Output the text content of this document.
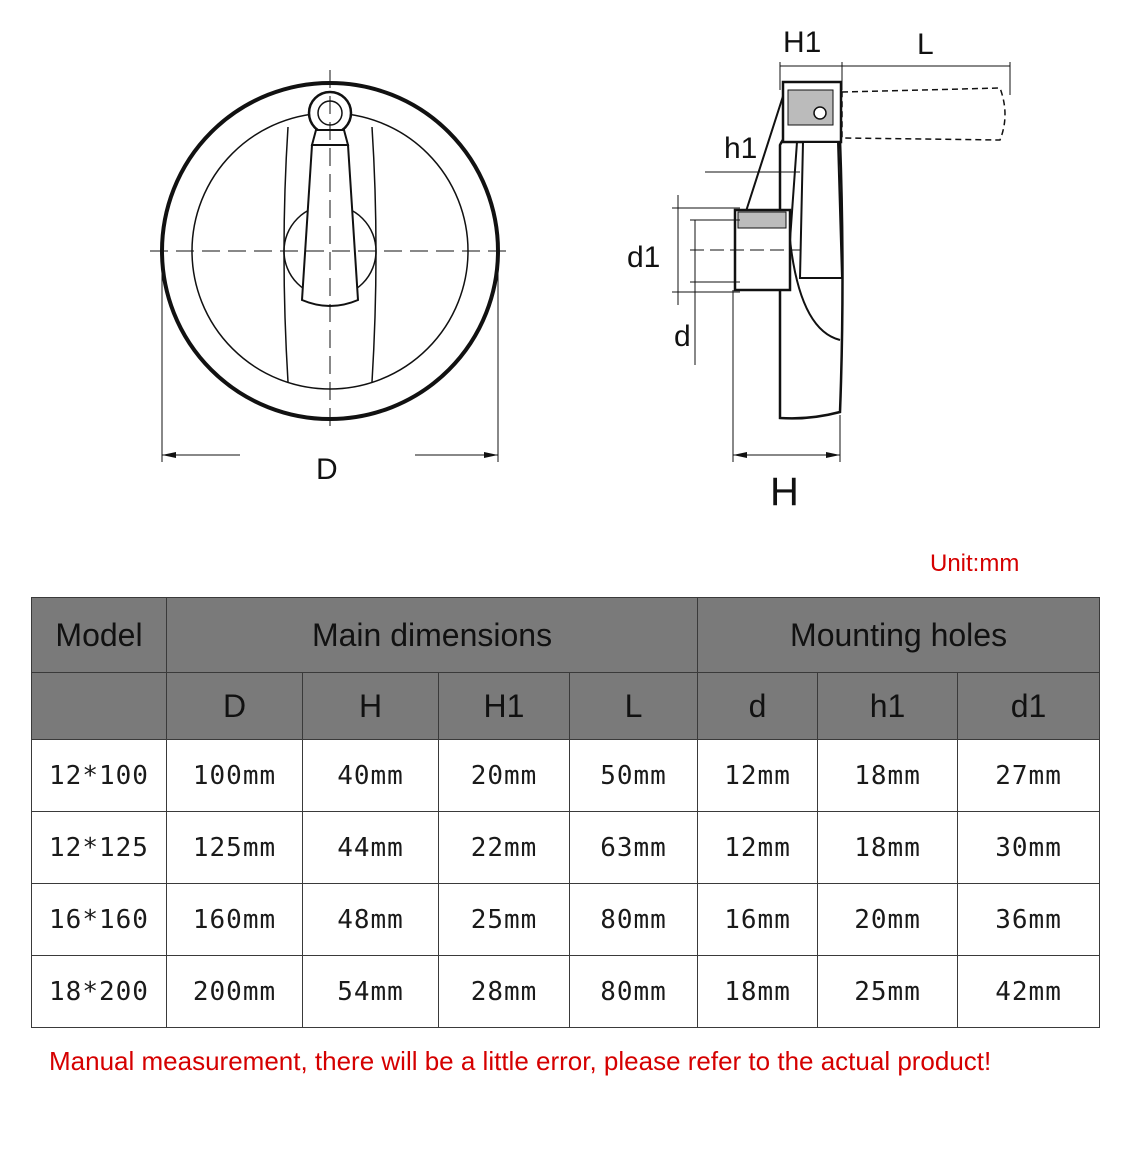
D
H1	L
h1
d1
d
H
Unit:mm
Model	Main dimensions				Mounting holes		
	D	H	H1	L	d	h1	d1
12*100	100mm	40mm	20mm	50mm	12mm	18mm	27mm
12*125	125mm	44mm	22mm	63mm	12mm	18mm	30mm
16*160	160mm	48mm	25mm	80mm	16mm	20mm	36mm
18*200	200mm	54mm	28mm	80mm	18mm	25mm	42mm
Manual measurement, there will be a little error, please refer to the actual product!
